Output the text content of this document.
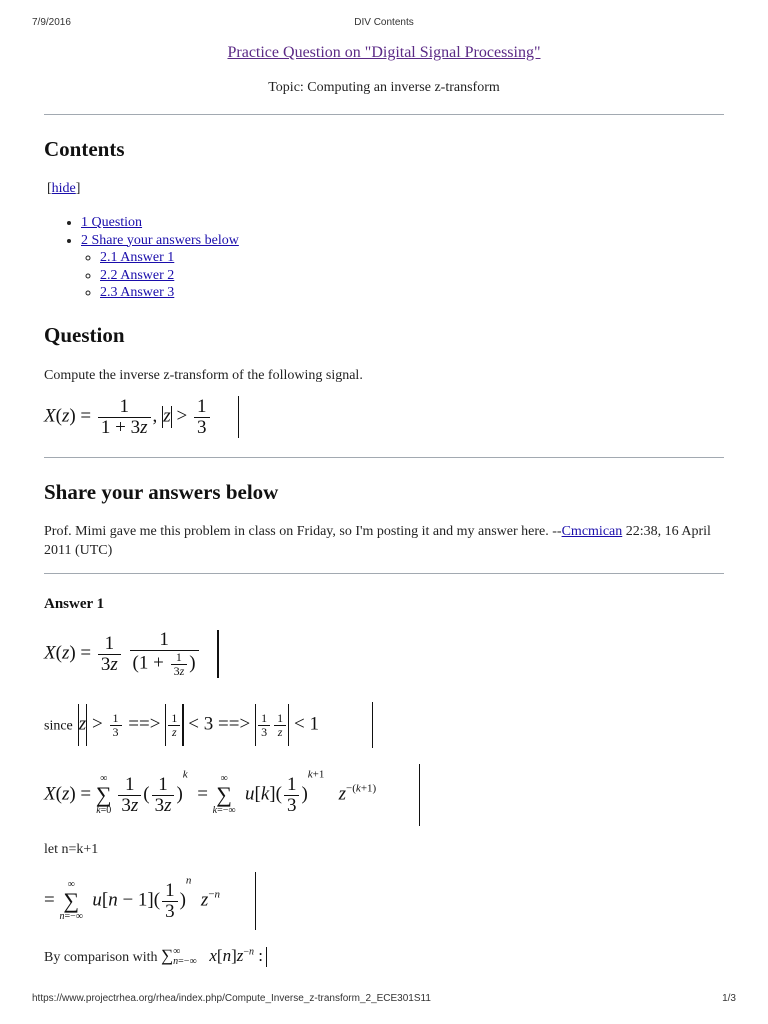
7/9/2016	DIV Contents
Practice Question on "Digital Signal Processing"
Topic: Computing an inverse z-transform
Contents
[hide]
• 1 Question
• 2 Share your answers below
◦ 2.1 Answer 1
◦ 2.2 Answer 2
◦ 2.3 Answer 3
Question
Compute the inverse z-transform of the following signal.
$X(z) = \frac{1}{1 + 3z}$ , $z > \frac{1}{3}$

Share your answers below
Prof. Mimi gave me this problem in class on Friday, so I'm posting it and my answer here. --Cmcmican 22:38, 16 April 2011 (UTC)
Answer 1
$X(z) = \frac{1}{3z}$
$\frac{1}{(1 + \frac{1}{3z} )}$

since $z > \frac{1}{3}$ ==> $\frac{1}{z} < 3$ ==> $\frac{1}{3} \frac{1}{z} < 1$
X(z) =
∞
∑
k=0
$\frac{1}{3z}$ ( $\frac{1}{3z} )^k$  =
∞
∑
k=−∞
$u[k]( \frac{1}{3} )^{k+1}$   $z^{-(k+1)}$
let n=k+1
=
∞
∑
n=−∞
$u[n - 1]( \frac{1}{3} )^n$  $z^{-n}$
By comparison with ∑ ∞
n=−∞ $x[n]z^{-n}$ :
https://www.projectrhea.org/rhea/index.php/Compute_Inverse_z-transform_2_ECE301S11	1/3
